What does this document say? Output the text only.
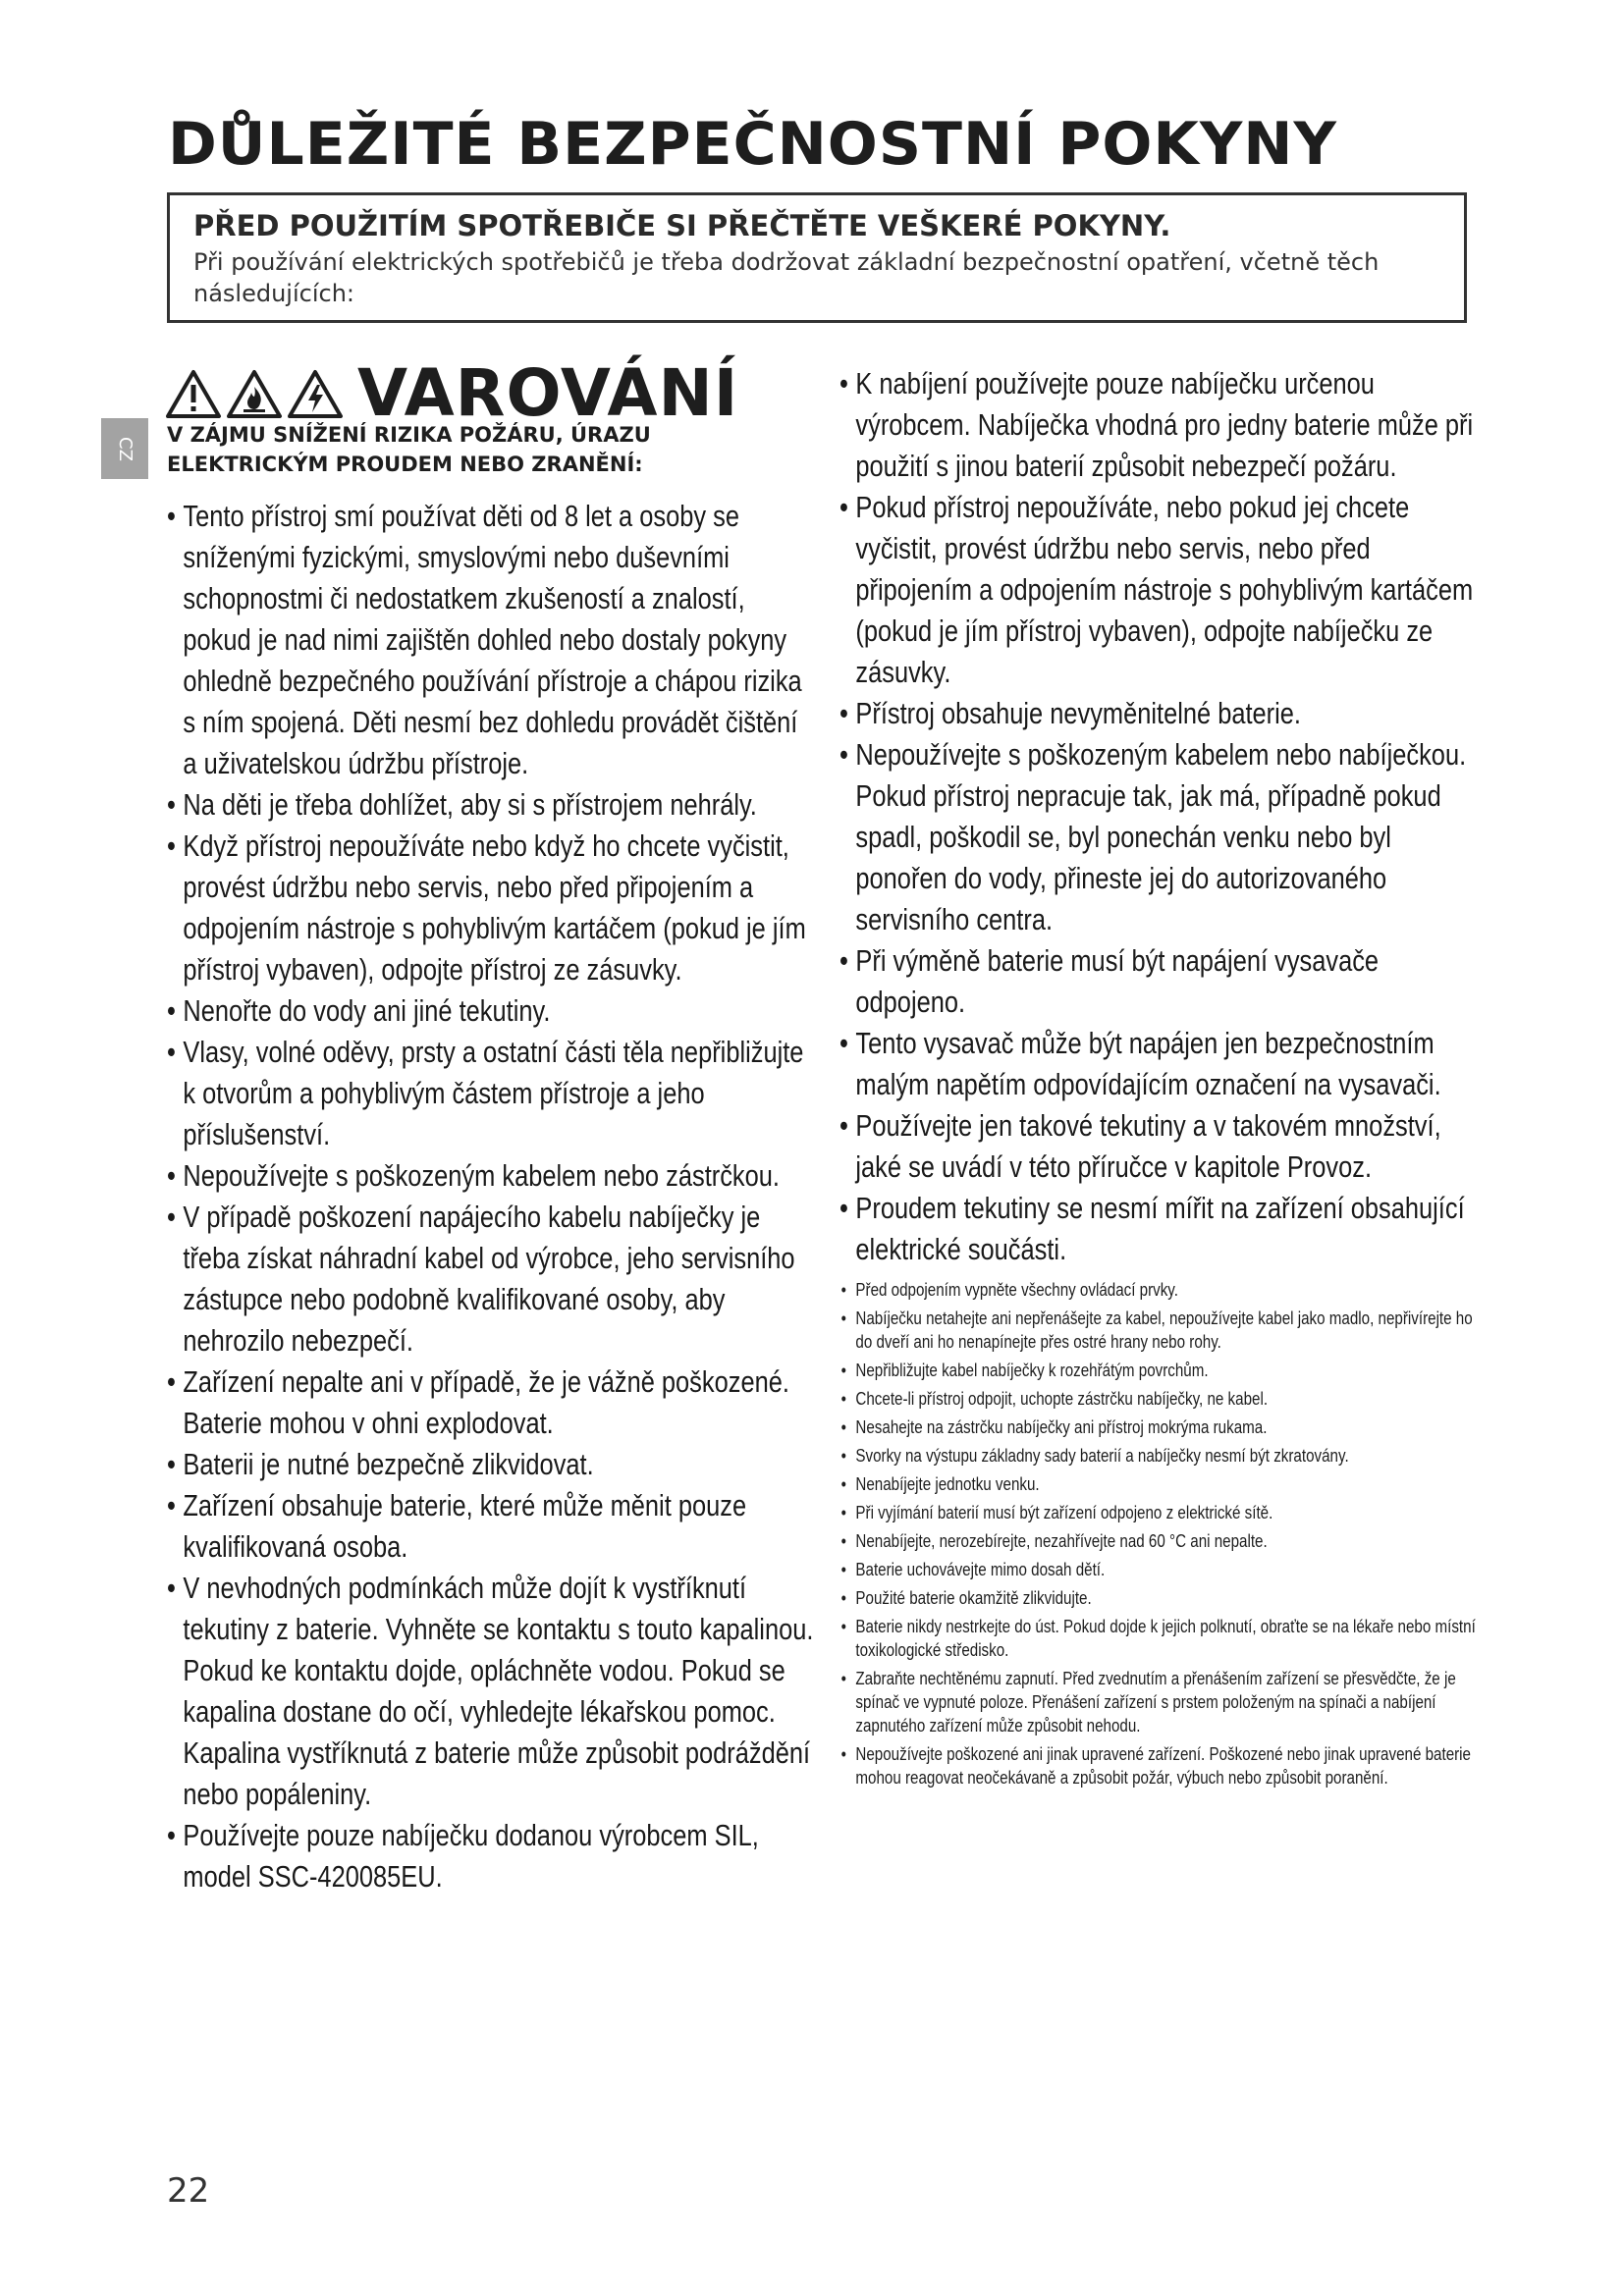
DŮLEŽITÉ BEZPEČNOSTNÍ POKYNY

PŘED POUŽITÍM SPOTŘEBIČE SI PŘEČTĚTE VEŠKERÉ POKYNY.

Při používání elektrických spotřebičů je třeba dodržovat základní bezpečnostní opatření, včetně těch následujících:

CZ
VAROVÁNÍ
V ZÁJMU SNÍŽENÍ RIZIKA POŽÁRU, ÚRAZU ELEKTRICKÝM PROUDEM NEBO ZRANĚNÍ:
• Tento přístroj smí používat děti od 8 let a osoby se sníženými fyzickými, smyslovými nebo duševními schopnostmi či nedostatkem zkušeností a znalostí, pokud je nad nimi zajištěn dohled nebo dostaly pokyny ohledně bezpečného používání přístroje a chápou rizika s ním spojená. Děti nesmí bez dohledu provádět čištění a uživatelskou údržbu přístroje.
• Na děti je třeba dohlížet, aby si s přístrojem nehrály.
• Když přístroj nepoužíváte nebo když ho chcete vyčistit, provést údržbu nebo servis, nebo před připojením a odpojením nástroje s pohyblivým kartáčem (pokud je jím přístroj vybaven), odpojte přístroj ze zásuvky.
• Nenořte do vody ani jiné tekutiny.
• Vlasy, volné oděvy, prsty a ostatní části těla nepřibližujte k otvorům a pohyblivým částem přístroje a jeho příslušenství.
• Nepoužívejte s poškozeným kabelem nebo zástrčkou.
• V případě poškození napájecího kabelu nabíječky je třeba získat náhradní kabel od výrobce, jeho servisního zástupce nebo podobně kvalifikované osoby, aby nehrozilo nebezpečí.
• Zařízení nepalte ani v případě, že je vážně poškozené. Baterie mohou v ohni explodovat.
• Baterii je nutné bezpečně zlikvidovat.
• Zařízení obsahuje baterie, které může měnit pouze kvalifikovaná osoba.
• V nevhodných podmínkách může dojít k vystříknutí tekutiny z baterie. Vyhněte se kontaktu s touto kapalinou. Pokud ke kontaktu dojde, opláchněte vodou. Pokud se kapalina dostane do očí, vyhledejte lékařskou pomoc. Kapalina vystříknutá z baterie může způsobit podráždění nebo popáleniny.
• Používejte pouze nabíječku dodanou výrobcem SIL, model SSC-420085EU.
• K nabíjení používejte pouze nabíječku určenou výrobcem. Nabíječka vhodná pro jedny baterie může při použití s jinou baterií způsobit nebezpečí požáru.
• Pokud přístroj nepoužíváte, nebo pokud jej chcete vyčistit, provést údržbu nebo servis, nebo před připojením a odpojením nástroje s pohyblivým kartáčem (pokud je jím přístroj vybaven), odpojte nabíječku ze zásuvky.
• Přístroj obsahuje nevyměnitelné baterie.
• Nepoužívejte s poškozeným kabelem nebo nabíječkou. Pokud přístroj nepracuje tak, jak má, případně pokud spadl, poškodil se, byl ponechán venku nebo byl ponořen do vody, přineste jej do autorizovaného servisního centra.
• Při výměně baterie musí být napájení vysavače odpojeno.
• Tento vysavač může být napájen jen bezpečnostním malým napětím odpovídajícím označení na vysavači.
• Používejte jen takové tekutiny a v takovém množství, jaké se uvádí v této příručce v kapitole Provoz.
• Proudem tekutiny se nesmí mířit na zařízení obsahující elektrické součásti.
• Před odpojením vypněte všechny ovládací prvky.
• Nabíječku netahejte ani nepřenášejte za kabel, nepoužívejte kabel jako madlo, nepřivírejte ho do dveří ani ho nenapínejte přes ostré hrany nebo rohy.
• Nepřibližujte kabel nabíječky k rozehřátým povrchům.
• Chcete-li přístroj odpojit, uchopte zástrčku nabíječky, ne kabel.
• Nesahejte na zástrčku nabíječky ani přístroj mokrýma rukama.
• Svorky na výstupu základny sady baterií a nabíječky nesmí být zkratovány.
• Nenabíjejte jednotku venku.
• Při vyjímání baterií musí být zařízení odpojeno z elektrické sítě.
• Nenabíjejte, nerozebírejte, nezahřívejte nad 60 °C ani nepalte.
• Baterie uchovávejte mimo dosah dětí.
• Použité baterie okamžitě zlikvidujte.
• Baterie nikdy nestrkejte do úst. Pokud dojde k jejich polknutí, obraťte se na lékaře nebo místní toxikologické středisko.
• Zabraňte nechtěnému zapnutí. Před zvednutím a přenášením zařízení se přesvědčte, že je spínač ve vypnuté poloze. Přenášení zařízení s prstem položeným na spínači a nabíjení zapnutého zařízení může způsobit nehodu.
• Nepoužívejte poškozené ani jinak upravené zařízení. Poškozené nebo jinak upravené baterie mohou reagovat neočekávaně a způsobit požár, výbuch nebo způsobit poranění.
22
